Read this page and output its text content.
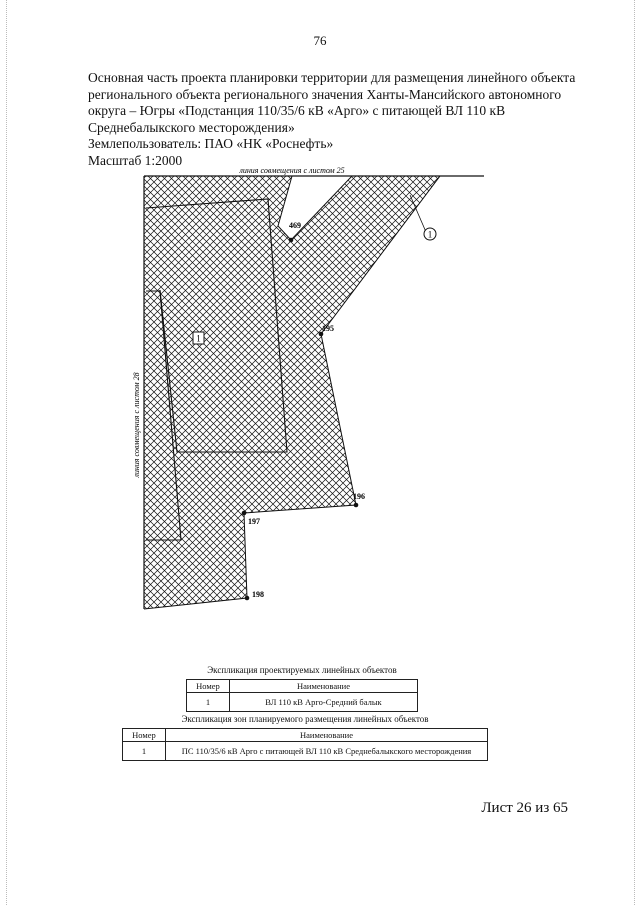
76

Основная часть проекта планировки территории для размещения линейного объекта

регионального объекта регионального значения Ханты-Мансийского автономного

округа – Югры «Подстанция 110/35/6 кВ «Арго» с питающей ВЛ 110 кВ

Среднебалыкского месторождения»

Землепользователь: ПАО «НК «Роснефть»

Масштаб 1:2000

линия совмещения с листом 25
линия совмещения с листом 28
1
1
469
195
196
197
198
Экспликация проектируемых линейных объектов
Номер	Наименование
1	ВЛ 110 кВ Арго-Средний балык
Экспликация зон планируемого размещения линейных объектов
Номер	Наименование
1	ПС 110/35/6 кВ Арго с питающей ВЛ 110 кВ Среднебалыкского месторождения
Лист 26 из 65
